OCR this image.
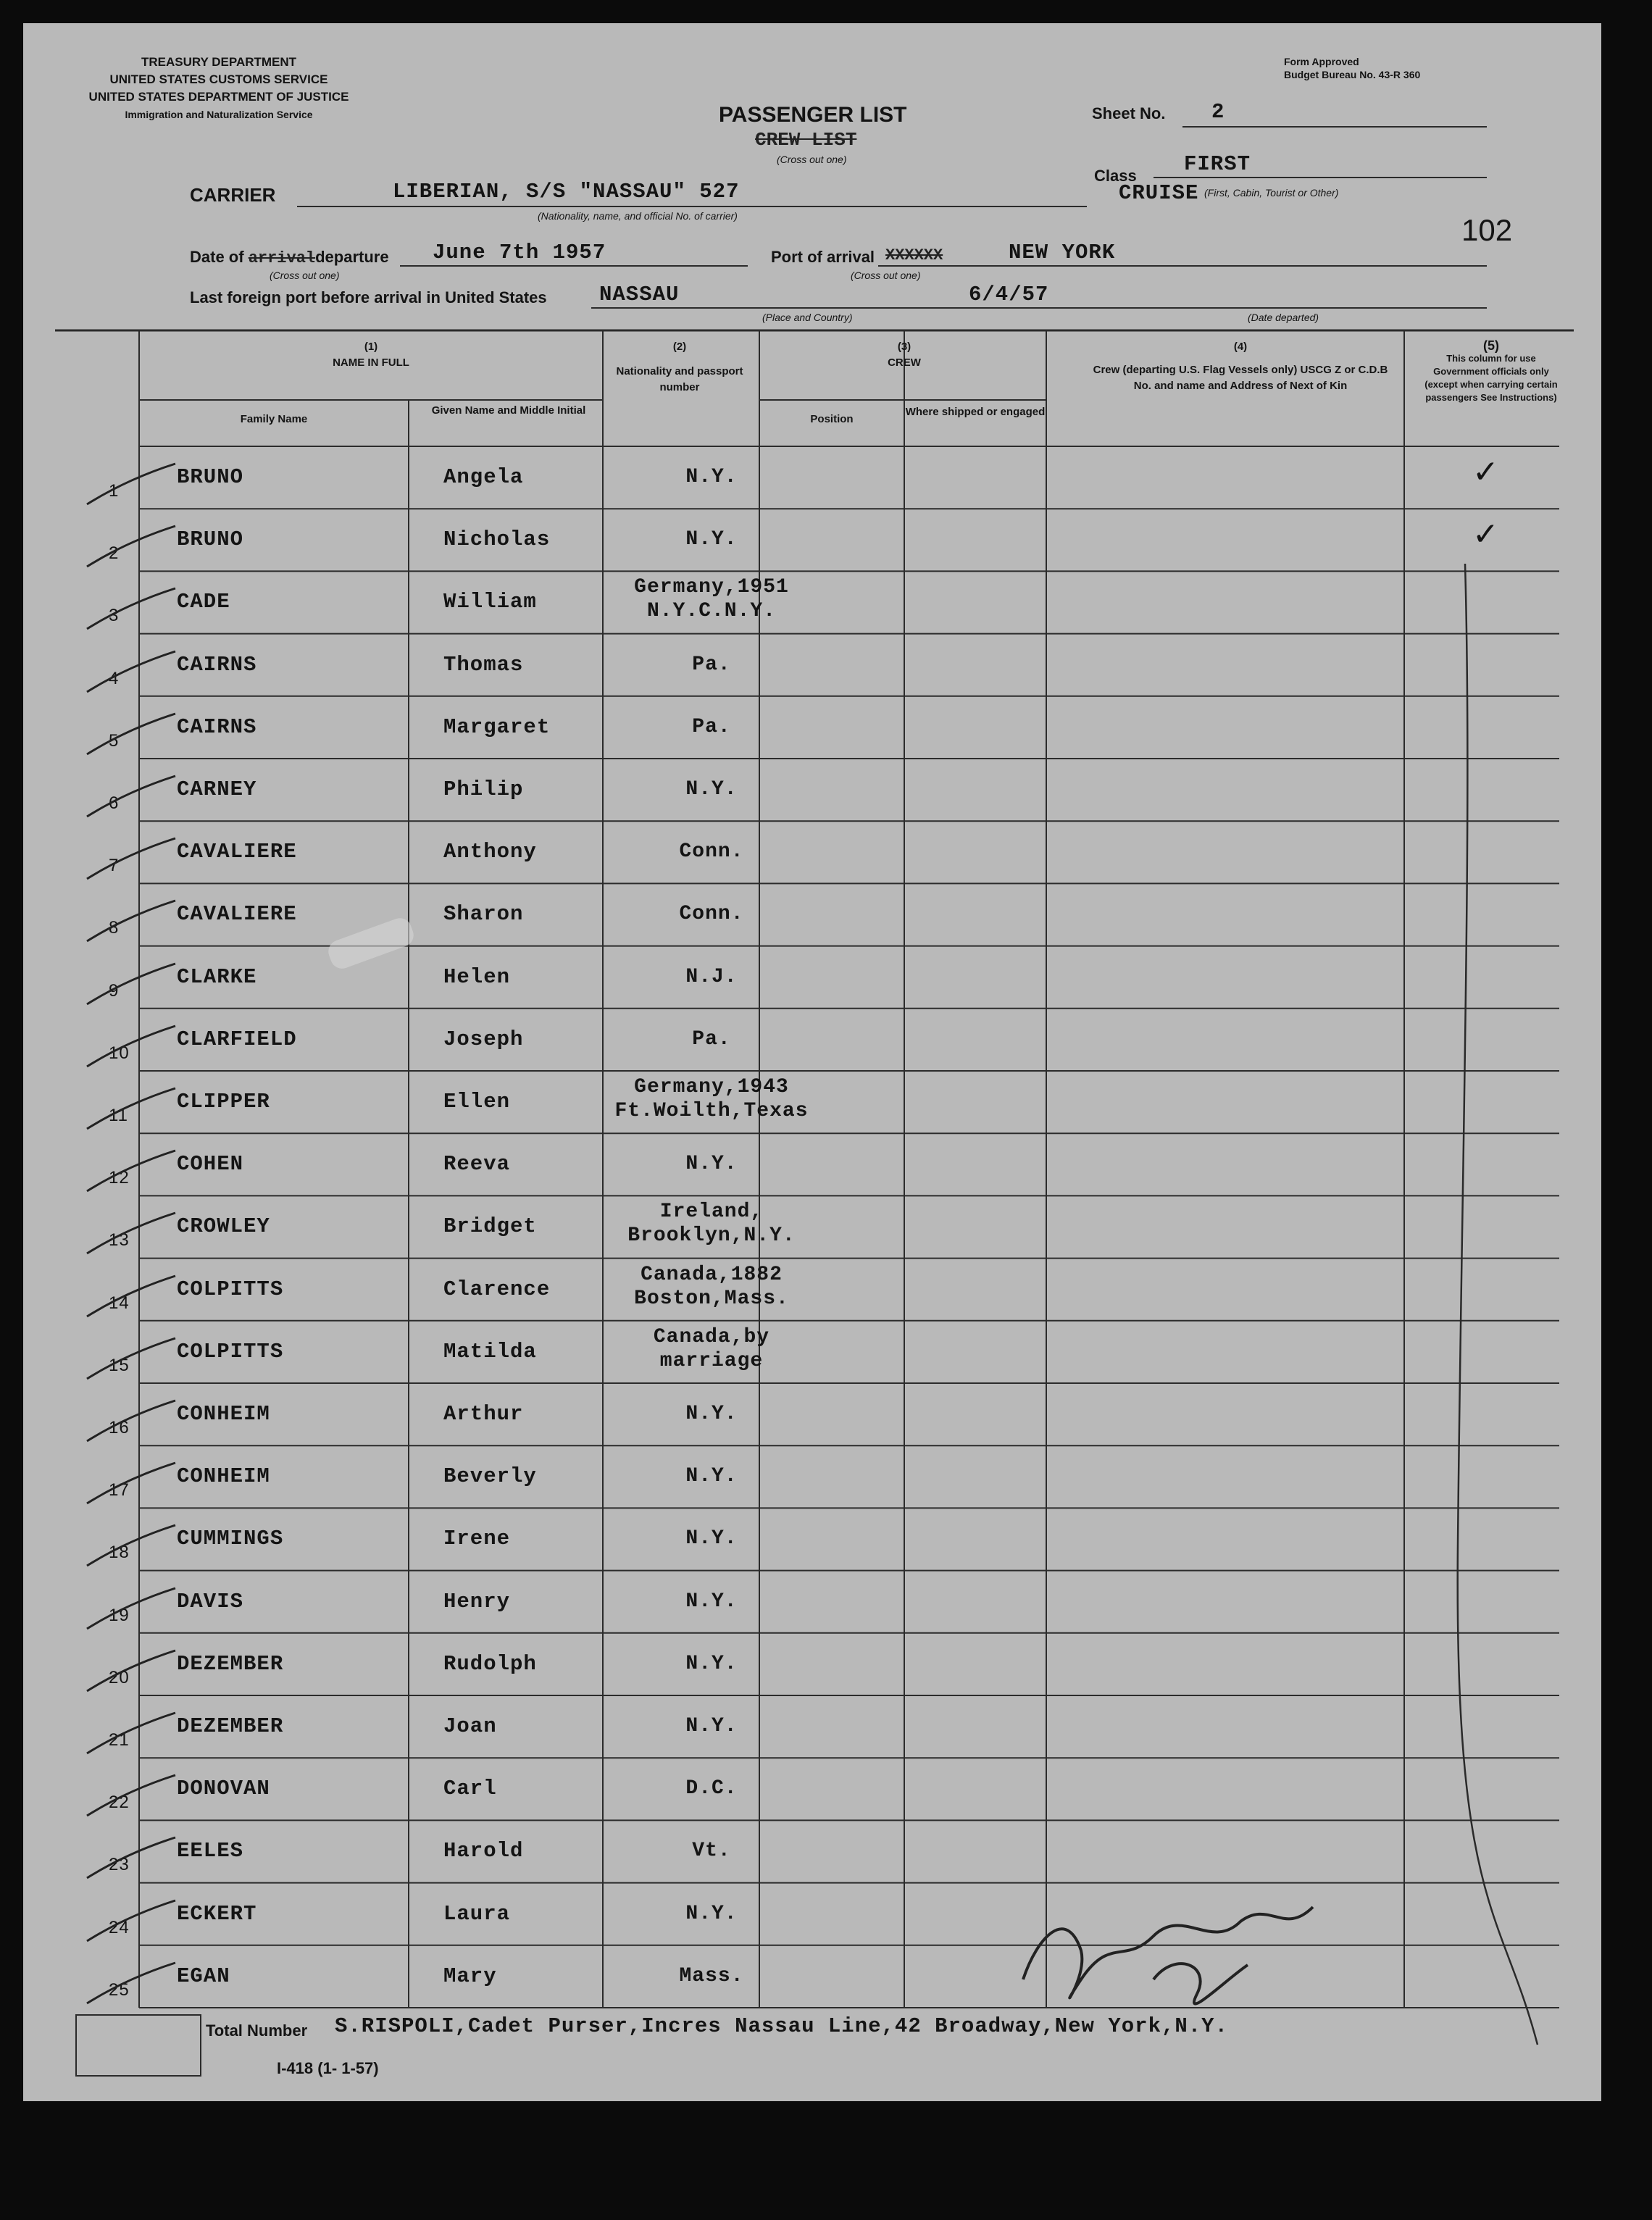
TREASURY DEPARTMENT
UNITED STATES CUSTOMS SERVICE
UNITED STATES DEPARTMENT OF JUSTICE
Immigration and Naturalization Service	PASSENGER LIST
CREW LIST
(Cross out one)
Form Approved
Budget Bureau No. 43-R 360
Sheet No. 2
Class FIRST
CRUISE (First, Cabin, Tourist or Other)
102
CARRIER	LIBERIAN, S/S "NASSAU" 527
(Nationality, name, and official No. of carrier)
Date of arrivaldeparture
(Cross out one)
June 7th 1957	Port of arrival XXXXXX
(Cross out one)
NEW YORK
Last foreign port before arrival in United States NASSAU	6/4/57
(Place and Country)	(Date departed)
(1)
NAME IN FULL
Family Name
Given Name and Middle Initial
(2)
Nationality and passport number
(3)
CREW
Position
Where shipped or engaged
(4)
Crew (departing U.S. Flag Vessels only) USCG Z or C.D.B No. and name and Address of Next of Kin
(5)
This column for use Government officials only (except when carrying certain passengers See Instructions)
1
BRUNO	Angela	N.Y.	✓
2
BRUNO	Nicholas	N.Y.	✓
3
CADE	William
Germany,1951
N.Y.C.N.Y.
4
CAIRNS	Thomas	Pa.
5
CAIRNS	Margaret	Pa.
6
CARNEY	Philip	N.Y.
7
CAVALIERE	Anthony	Conn.
8
CAVALIERE	Sharon	Conn.
9
CLARKE	Helen	N.J.
10
CLARFIELD	Joseph	Pa.
11
CLIPPER	Ellen
Germany,1943
Ft.Woilth,Texas
12
COHEN	Reeva	N.Y.
13
CROWLEY	Bridget
Ireland,
Brooklyn,N.Y.
14
COLPITTS	Clarence
Canada,1882
Boston,Mass.
15
COLPITTS	Matilda
Canada,by
marriage
16
CONHEIM	Arthur	N.Y.
17
CONHEIM	Beverly	N.Y.
18
CUMMINGS	Irene	N.Y.
19
DAVIS	Henry	N.Y.
20
DEZEMBER	Rudolph	N.Y.
21
DEZEMBER	Joan	N.Y.
22
DONOVAN	Carl	D.C.
23
EELES	Harold	Vt.
24
ECKERT	Laura	N.Y.
25
EGAN	Mary	Mass.
Total Number S.RISPOLI,Cadet Purser,Incres Nassau Line,42 Broadway,New York,N.Y.
I-418 (1- 1-57)
